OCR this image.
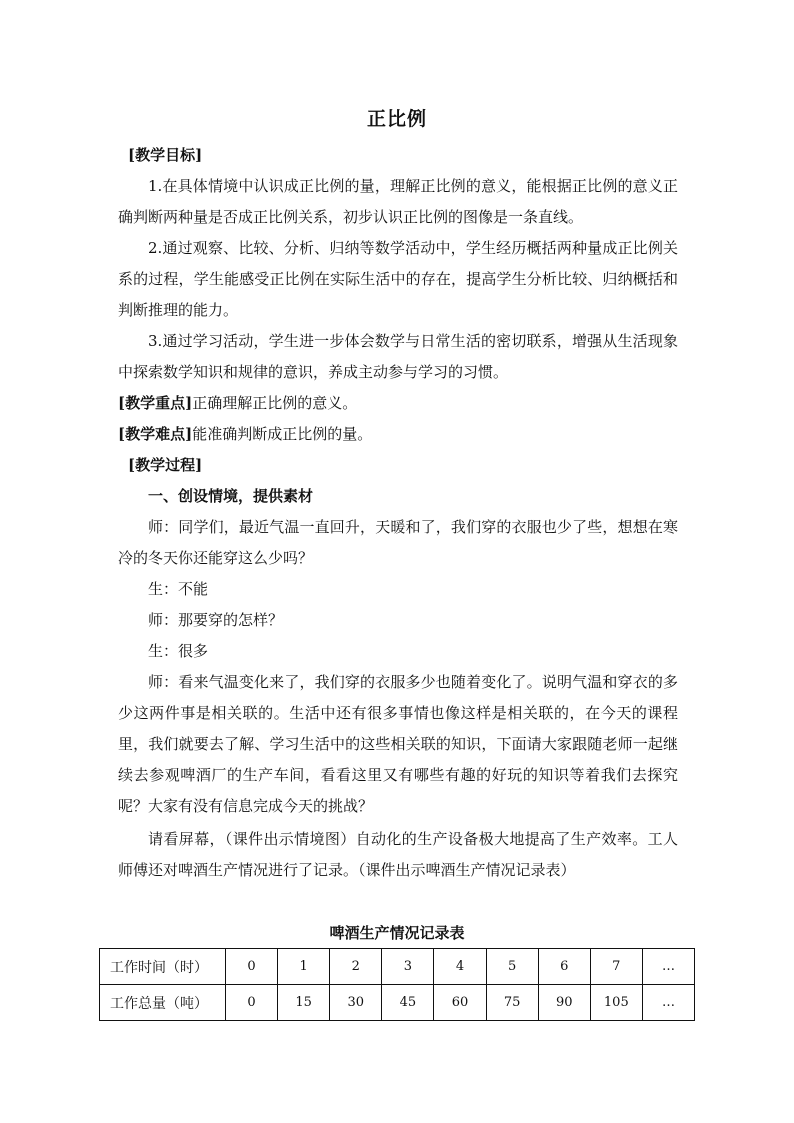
正比例

[教学目标]

1.在具体情境中认识成正比例的量，理解正比例的意义，能根据正比例的意义正确判断两种量是否成正比例关系，初步认识正比例的图像是一条直线。

2.通过观察、比较、分析、归纳等数学活动中，学生经历概括两种量成正比例关系的过程，学生能感受正比例在实际生活中的存在，提高学生分析比较、归纳概括和判断推理的能力。

3.通过学习活动，学生进一步体会数学与日常生活的密切联系，增强从生活现象中探索数学知识和规律的意识，养成主动参与学习的习惯。

[教学重点]正确理解正比例的意义。

[教学难点]能准确判断成正比例的量。

[教学过程]

一、创设情境，提供素材

师：同学们，最近气温一直回升，天暖和了，我们穿的衣服也少了些，想想在寒冷的冬天你还能穿这么少吗？

生：不能

师：那要穿的怎样？

生：很多

师：看来气温变化来了，我们穿的衣服多少也随着变化了。说明气温和穿衣的多少这两件事是相关联的。生活中还有很多事情也像这样是相关联的，在今天的课程里，我们就要去了解、学习生活中的这些相关联的知识，下面请大家跟随老师一起继续去参观啤酒厂的生产车间，看看这里又有哪些有趣的好玩的知识等着我们去探究呢？大家有没有信息完成今天的挑战？

请看屏幕，（课件出示情境图）自动化的生产设备极大地提高了生产效率。工人师傅还对啤酒生产情况进行了记录。（课件出示啤酒生产情况记录表）

啤酒生产情况记录表
工作时间（时）	0	1	2	3	4	5	6	7	…
工作总量（吨）	0	15	30	45	60	75	90	105	…
